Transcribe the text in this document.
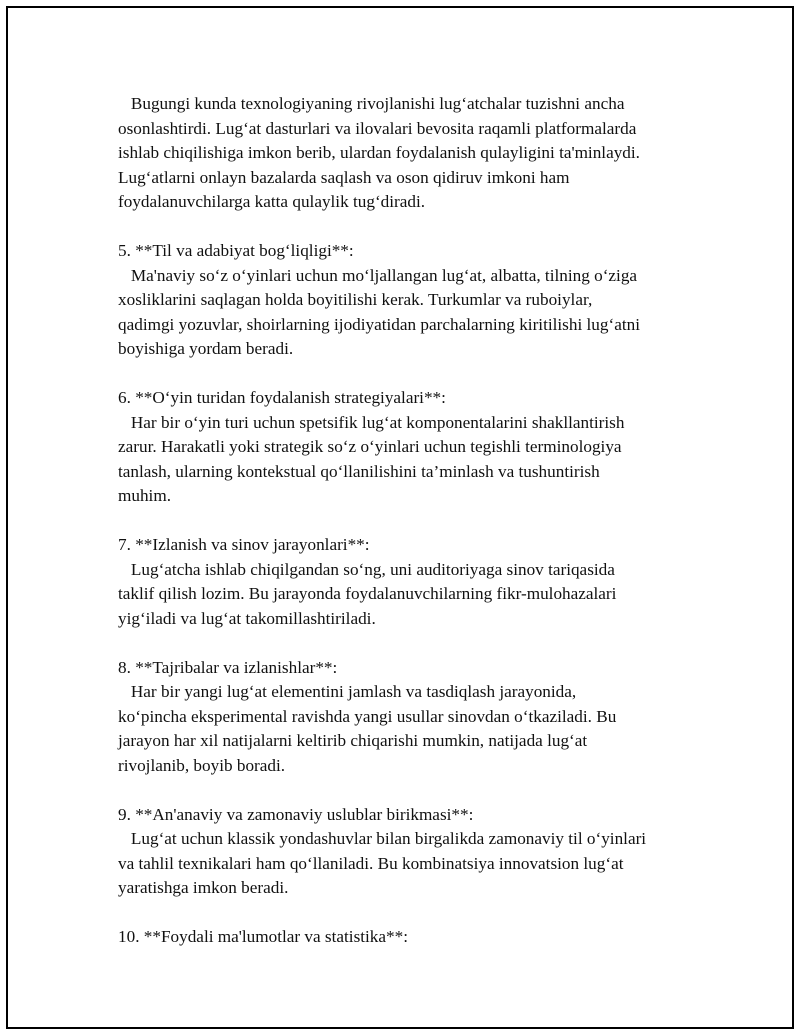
Bugungi kunda texnologiyaning rivojlanishi lug‘atchalar tuzishni ancha

osonlashtirdi. Lug‘at dasturlari va ilovalari bevosita raqamli platformalarda

ishlab chiqilishiga imkon berib, ulardan foydalanish qulayligini ta'minlaydi.

Lug‘atlarni onlayn bazalarda saqlash va oson qidiruv imkoni ham

foydalanuvchilarga katta qulaylik tug‘diradi.

5. **Til va adabiyat bog‘liqligi**:

Ma'naviy so‘z o‘yinlari uchun mo‘ljallangan lug‘at, albatta, tilning o‘ziga

xosliklarini saqlagan holda boyitilishi kerak. Turkumlar va ruboiylar,

qadimgi yozuvlar, shoirlarning ijodiyatidan parchalarning kiritilishi lug‘atni

boyishiga yordam beradi.

6. **O‘yin turidan foydalanish strategiyalari**:

Har bir o‘yin turi uchun spetsifik lug‘at komponentalarini shakllantirish

zarur. Harakatli yoki strategik so‘z o‘yinlari uchun tegishli terminologiya

tanlash, ularning kontekstual qo‘llanilishini ta’minlash va tushuntirish

muhim.

7. **Izlanish va sinov jarayonlari**:

Lug‘atcha ishlab chiqilgandan so‘ng, uni auditoriyaga sinov tariqasida

taklif qilish lozim. Bu jarayonda foydalanuvchilarning fikr-mulohazalari

yig‘iladi va lug‘at takomillashtiriladi.

8. **Tajribalar va izlanishlar**:

Har bir yangi lug‘at elementini jamlash va tasdiqlash jarayonida,

ko‘pincha eksperimental ravishda yangi usullar sinovdan o‘tkaziladi. Bu

jarayon har xil natijalarni keltirib chiqarishi mumkin, natijada lug‘at

rivojlanib, boyib boradi.

9. **An'anaviy va zamonaviy uslublar birikmasi**:

Lug‘at uchun klassik yondashuvlar bilan birgalikda zamonaviy til o‘yinlari

va tahlil texnikalari ham qo‘llaniladi. Bu kombinatsiya innovatsion lug‘at

yaratishga imkon beradi.

10. **Foydali ma'lumotlar va statistika**:
